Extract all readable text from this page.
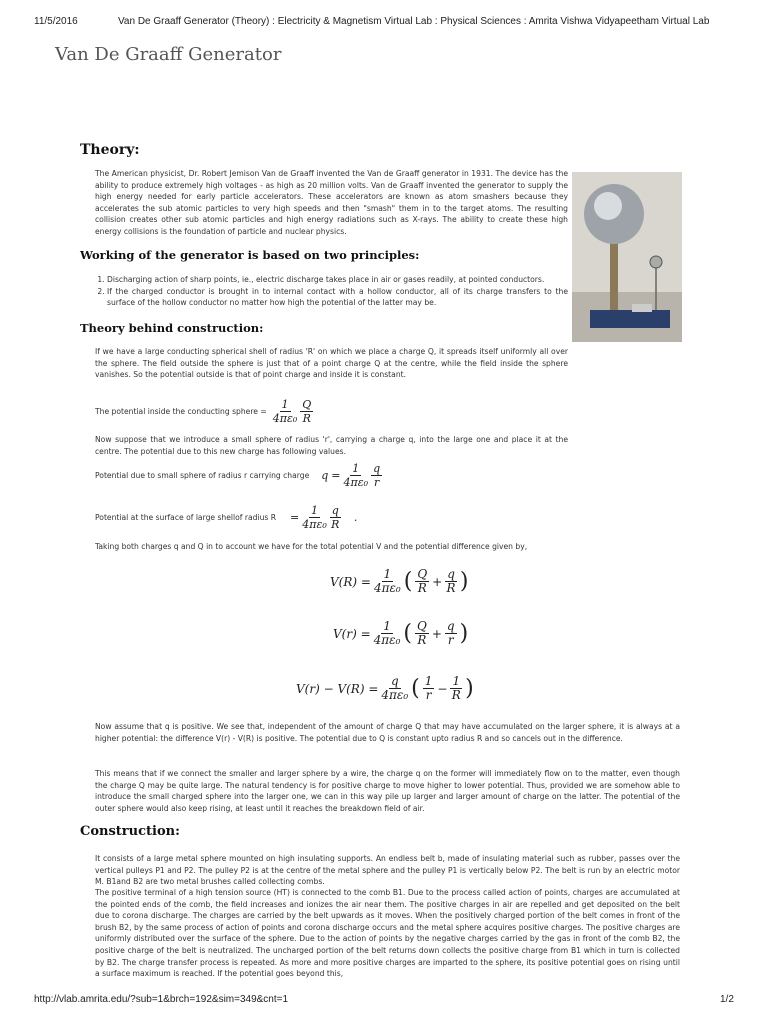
11/5/2016	Van De Graaff Generator (Theory) : Electricity & Magnetism Virtual Lab : Physical Sciences : Amrita Vishwa Vidyapeetham Virtual Lab
Van De Graaff Generator
Theory:
The American physicist, Dr. Robert Jemison Van de Graaff invented the Van de Graaff generator in 1931. The device has the ability to produce extremely high voltages - as high as 20 million volts. Van de Graaff invented the generator to supply the high energy needed for early particle accelerators. These accelerators are known as atom smashers because they accelerates the sub atomic particles to very high speeds and then "smash" them in to the target atoms. The resulting collision creates other sub atomic particles and high energy radiations such as X-rays. The ability to create these high energy collisions is the foundation of particle and nuclear physics.
Working of the generator is based on two principles:
1. Discharging action of sharp points, ie., electric discharge takes place in air or gases readily, at pointed conductors.
2. If the charged conductor is brought in to internal contact with a hollow conductor, all of its charge transfers to the surface of the hollow conductor no matter how high the potential of the latter may be.
Theory behind construction:
If we have a large conducting spherical shell of radius 'R' on which we place a charge Q, it spreads itself uniformly all over the sphere. The field outside the sphere is just that of a point charge Q at the centre, while the field inside the sphere vanishes. So the potential outside is that of point charge and inside it is constant.
The potential inside the conducting sphere = $\frac{1}{\text{4πε₀}} \frac{Q}{R}$
Now suppose that we introduce a small sphere of radius 'r', carrying a charge q, into the large one and place it at the centre. The potential due to this new charge has following values.
Potential due to small sphere of radius r carrying charge $q = \frac{1}{\text{4πε₀}} \frac{q}{r}$
Potential at the surface of large shellof radius $R = \frac{1}{\text{4πε₀}} \frac{q}{R}$ .
Taking both charges q and Q in to account we have for the total potential V and the potential difference given by,
$V(R) = \frac{1}{\text{4πε₀}}$ ( $\frac{Q}{R} + \frac{q}{R}$ )
$V(r) = \frac{1}{\text{4πε₀}}$ ( $\frac{Q}{R} + \frac{q}{r}$ )
$V(r) - V(R) = \frac{q}{\text{4πε₀}}$ ( $\frac{1}{r} - \frac{1}{R}$ )
Now assume that q is positive. We see that, independent of the amount of charge Q that may have accumulated on the larger sphere, it is always at a higher potential: the difference V(r) - V(R) is positive. The potential due to Q is constant upto radius R and so cancels out in the difference.
This means that if we connect the smaller and larger sphere by a wire, the charge q on the former will immediately flow on to the matter, even though the charge Q may be quite large. The natural tendency is for positive charge to move higher to lower potential. Thus, provided we are somehow able to introduce the small charged sphere into the larger one, we can in this way pile up larger and larger amount of charge on the latter. The potential of the outer sphere would also keep rising, at least until it reaches the breakdown field of air.
Construction:
It consists of a large metal sphere mounted on high insulating supports. An endless belt b, made of insulating material such as rubber, passes over the vertical pulleys P1 and P2. The pulley P2 is at the centre of the metal sphere and the pulley P1 is vertically below P2. The belt is run by an electric motor M. B1and B2 are two metal brushes called collecting combs.
The positive terminal of a high tension source (HT) is connected to the comb B1. Due to the process called action of points, charges are accumulated at the pointed ends of the comb, the field increases and ionizes the air near them. The positive charges in air are repelled and get deposited on the belt due to corona discharge. The charges are carried by the belt upwards as it moves. When the positively charged portion of the belt comes in front of the brush B2, by the same process of action of points and corona discharge occurs and the metal sphere acquires positive charges. The positive charges are uniformly distributed over the surface of the sphere. Due to the action of points by the negative charges carried by the gas in front of the comb B2, the positive charge of the belt is neutralized. The uncharged portion of the belt returns down collects the positive charge from B1 which in turn is collected by B2. The charge transfer process is repeated. As more and more positive charges are imparted to the sphere, its positive potential goes on rising until a surface maximum is reached. If the potential goes beyond this,
http://vlab.amrita.edu/?sub=1&brch=192&sim=349&cnt=1	1/2
